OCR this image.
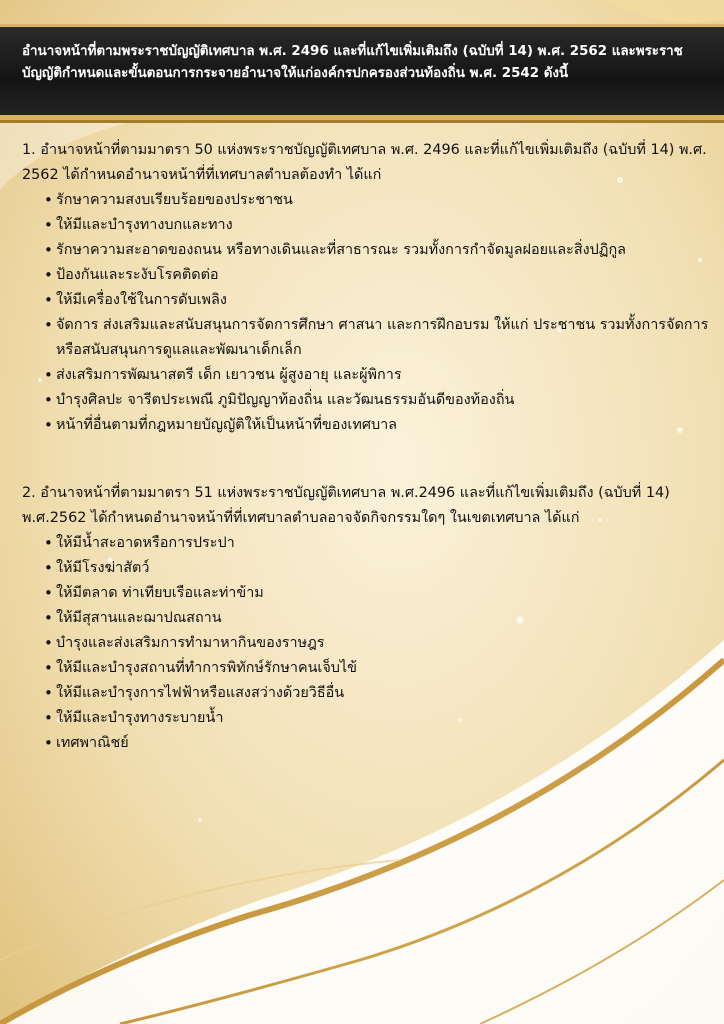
อำนาจหน้าที่ตามพระราชบัญญัติเทศบาล พ.ศ. 2496 และที่แก้ไขเพิ่มเติมถึง (ฉบับที่ 14) พ.ศ. 2562 และพระราชบัญญัติกำหนดและขั้นตอนการกระจายอำนาจให้แก่องค์กรปกครองส่วนท้องถิ่น พ.ศ. 2542 ดังนี้

1. อำนาจหน้าที่ตามมาตรา 50 แห่งพระราชบัญญัติเทศบาล พ.ศ. 2496 และที่แก้ไขเพิ่มเติมถึง (ฉบับที่ 14) พ.ศ. 2562 ได้กำหนดอำนาจหน้าที่ที่เทศบาลตำบลต้องทำ ได้แก่

• รักษาความสงบเรียบร้อยของประชาชน
• ให้มีและบำรุงทางบกและทาง
• รักษาความสะอาดของถนน หรือทางเดินและที่สาธารณะ รวมทั้งการกำจัดมูลฝอยและสิ่งปฏิกูล
• ป้องกันและระงับโรคติดต่อ
• ให้มีเครื่องใช้ในการดับเพลิง
• จัดการ ส่งเสริมและสนับสนุนการจัดการศึกษา ศาสนา และการฝึกอบรม ให้แก่ ประชาชน รวมทั้งการจัดการหรือสนับสนุนการดูแลและพัฒนาเด็กเล็ก
• ส่งเสริมการพัฒนาสตรี เด็ก เยาวชน ผู้สูงอายุ และผู้พิการ
• บำรุงศิลปะ จารีตประเพณี ภูมิปัญญาท้องถิ่น และวัฒนธรรมอันดีของท้องถิ่น
• หน้าที่อื่นตามที่กฎหมายบัญญัติให้เป็นหน้าที่ของเทศบาล

2. อำนาจหน้าที่ตามมาตรา 51 แห่งพระราชบัญญัติเทศบาล พ.ศ.2496 และที่แก้ไขเพิ่มเติมถึง (ฉบับที่ 14) พ.ศ.2562 ได้กำหนดอำนาจหน้าที่ที่เทศบาลตำบลอาจจัดกิจกรรมใดๆ ในเขตเทศบาล ได้แก่

• ให้มีน้ำสะอาดหรือการประปา
• ให้มีโรงฆ่าสัตว์
• ให้มีตลาด ท่าเทียบเรือและท่าข้าม
• ให้มีสุสานและฌาปณสถาน
• บำรุงและส่งเสริมการทำมาหากินของราษฎร
• ให้มีและบำรุงสถานที่ทำการพิทักษ์รักษาคนเจ็บไข้
• ให้มีและบำรุงการไฟฟ้าหรือแสงสว่างด้วยวิธีอื่น
• ให้มีและบำรุงทางระบายน้ำ
• เทศพาณิชย์
